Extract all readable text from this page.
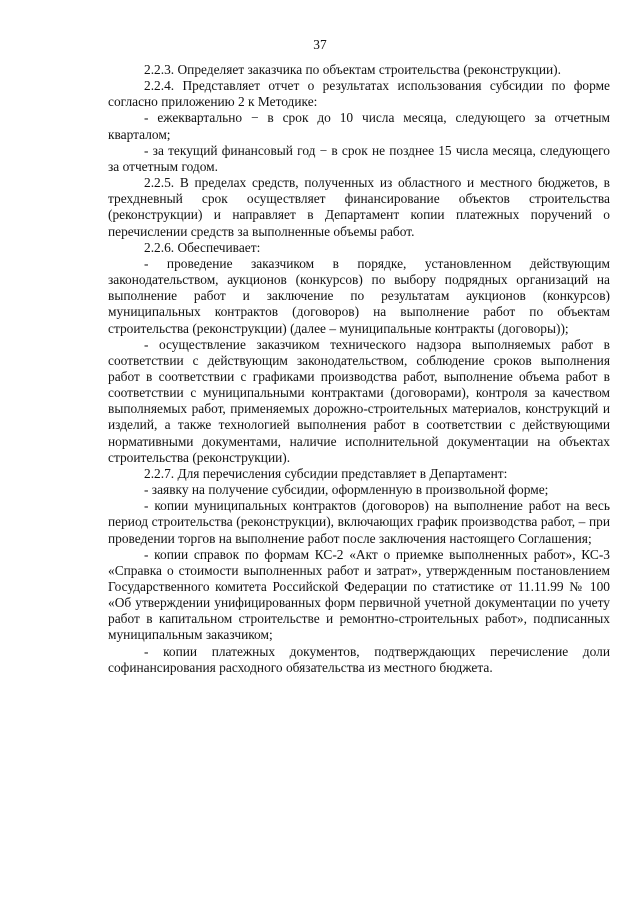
37

2.2.3. Определяет заказчика по объектам строительства (реконструкции).

2.2.4. Представляет отчет о результатах использования субсидии по форме согласно приложению 2 к Методике:

- ежеквартально − в срок до 10 числа месяца, следующего за отчетным кварталом;

- за текущий финансовый год − в срок не позднее 15 числа месяца, следующего за отчетным годом.

2.2.5. В пределах средств, полученных из областного и местного бюджетов, в трехдневный срок осуществляет финансирование объектов строительства (реконструкции) и направляет в Департамент копии платежных поручений о перечислении средств за выполненные объемы работ.

2.2.6. Обеспечивает:

- проведение заказчиком в порядке, установленном действующим законодательством, аукционов (конкурсов) по выбору подрядных организаций на выполнение работ и заключение по результатам аукционов (конкурсов) муниципальных контрактов (договоров) на выполнение работ по объектам строительства (реконструкции) (далее – муниципальные контракты (договоры));

- осуществление заказчиком технического надзора выполняемых работ в соответствии с действующим законодательством, соблюдение сроков выполнения работ в соответствии с графиками производства работ, выполнение объема работ в соответствии с муниципальными контрактами (договорами), контроля за качеством выполняемых работ, применяемых дорожно-строительных материалов, конструкций и изделий, а также технологией выполнения работ в соответствии с действующими нормативными документами, наличие исполнительной документации на объектах строительства (реконструкции).

2.2.7. Для перечисления субсидии представляет в Департамент:

- заявку на получение субсидии, оформленную в произвольной форме;

- копии муниципальных контрактов (договоров) на выполнение работ на весь период строительства (реконструкции), включающих график производства работ, – при проведении торгов на выполнение работ после заключения настоящего Соглашения;

- копии справок по формам КС-2 «Акт о приемке выполненных работ», КС-3 «Справка о стоимости выполненных работ и затрат», утвержденным постановлением Государственного комитета Российской Федерации по статистике от 11.11.99 № 100 «Об утверждении унифицированных форм первичной учетной документации по учету работ в капитальном строительстве и ремонтно-строительных работ», подписанных муниципальным заказчиком;

- копии платежных документов, подтверждающих перечисление доли софинансирования расходного обязательства из местного бюджета.
